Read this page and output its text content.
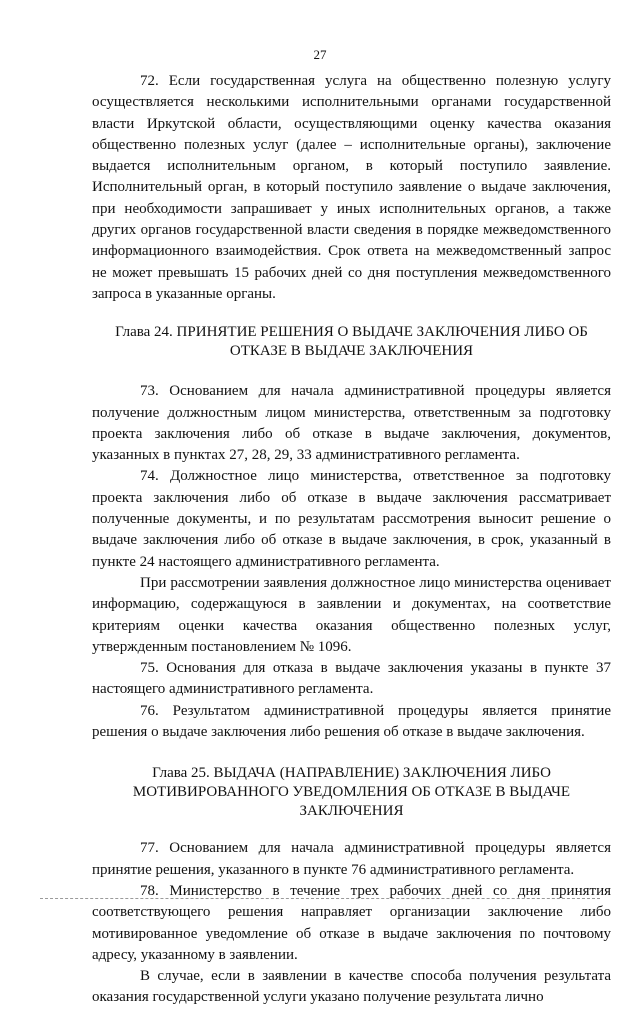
27

72. Если государственная услуга на общественно полезную услугу осуществляется несколькими исполнительными органами государственной власти Иркутской области, осуществляющими оценку качества оказания общественно полезных услуг (далее – исполнительные органы), заключение выдается исполнительным органом, в который поступило заявление. Исполнительный орган, в который поступило заявление о выдаче заключения, при необходимости запрашивает у иных исполнительных органов, а также других органов государственной власти сведения в порядке межведомственного информационного взаимодействия. Срок ответа на межведомственный запрос не может превышать 15 рабочих дней со дня поступления межведомственного запроса в указанные органы.

Глава 24. ПРИНЯТИЕ РЕШЕНИЯ О ВЫДАЧЕ ЗАКЛЮЧЕНИЯ ЛИБО ОБ ОТКАЗЕ В ВЫДАЧЕ ЗАКЛЮЧЕНИЯ

73. Основанием для начала административной процедуры является получение должностным лицом министерства, ответственным за подготовку проекта заключения либо об отказе в выдаче заключения, документов, указанных в пунктах 27, 28, 29, 33 административного регламента.

74. Должностное лицо министерства, ответственное за подготовку проекта заключения либо об отказе в выдаче заключения рассматривает полученные документы, и по результатам рассмотрения выносит решение о выдаче заключения либо об отказе в выдаче заключения, в срок, указанный в пункте 24 настоящего административного регламента.

При рассмотрении заявления должностное лицо министерства оценивает информацию, содержащуюся в заявлении и документах, на соответствие критериям оценки качества оказания общественно полезных услуг, утвержденным постановлением № 1096.

75. Основания для отказа в выдаче заключения указаны в пункте 37 настоящего административного регламента.

76. Результатом административной процедуры является принятие решения о выдаче заключения либо решения об отказе в выдаче заключения.

Глава 25. ВЫДАЧА (НАПРАВЛЕНИЕ) ЗАКЛЮЧЕНИЯ ЛИБО МОТИВИРОВАННОГО УВЕДОМЛЕНИЯ ОБ ОТКАЗЕ В ВЫДАЧЕ ЗАКЛЮЧЕНИЯ

77. Основанием для начала административной процедуры является принятие решения, указанного в пункте 76 административного регламента.

78. Министерство в течение трех рабочих дней со дня принятия соответствующего решения направляет организации заключение либо мотивированное уведомление об отказе в выдаче заключения по почтовому адресу, указанному в заявлении.

В случае, если в заявлении в качестве способа получения результата оказания государственной услуги указано получение результата лично
